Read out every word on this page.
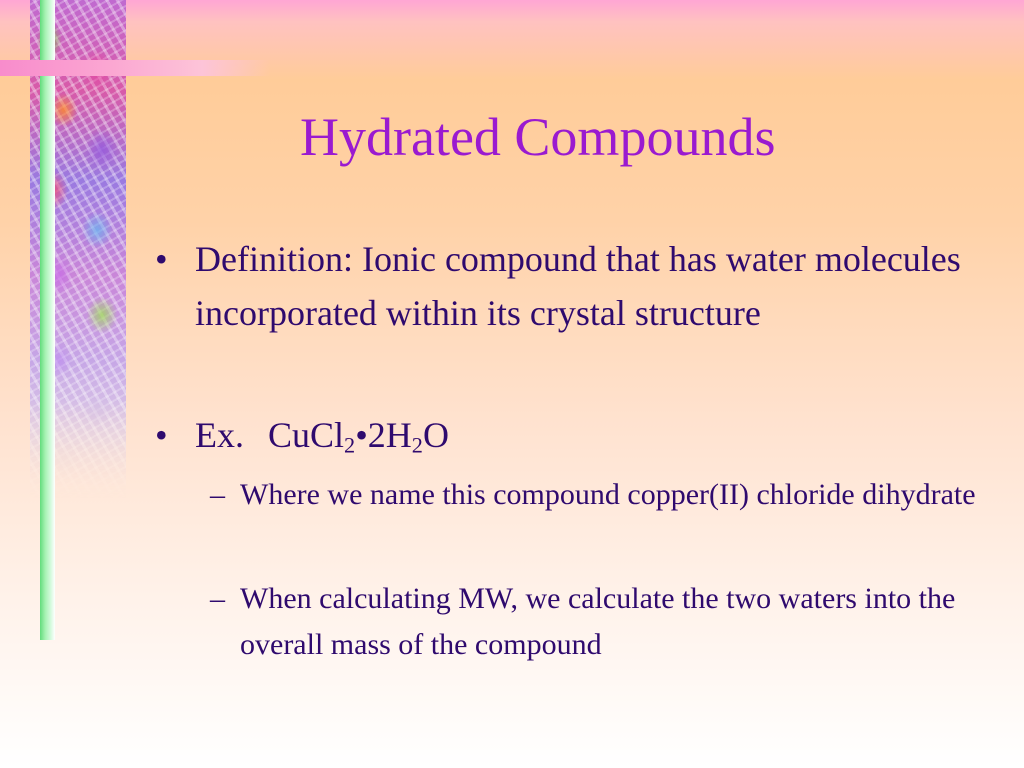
Hydrated Compounds
• Definition: Ionic compound that has water molecules incorporated within its crystal structure
• Ex. $CuCl_2•2H_2O$
– Where we name this compound copper(II) chloride dihydrate
– When calculating MW, we calculate the two waters into the overall mass of the compound
